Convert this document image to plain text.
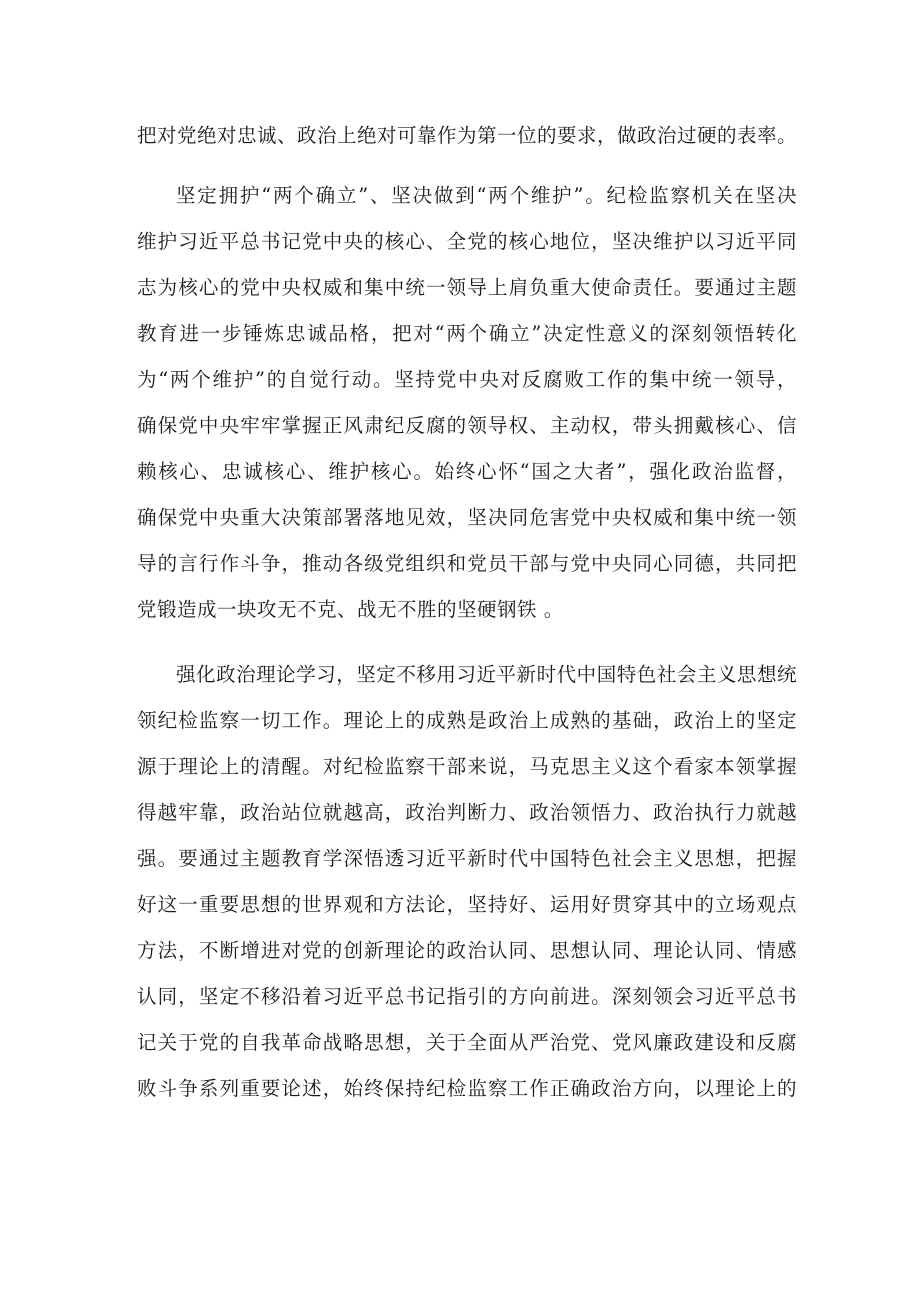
把对党绝对忠诚、政治上绝对可靠作为第一位的要求，做政治过硬的表率。
坚定拥护“两个确立”、坚决做到“两个维护”。纪检监察机关在坚决
维护习近平总书记党中央的核心、全党的核心地位，坚决维护以习近平同
志为核心的党中央权威和集中统一领导上肩负重大使命责任。要通过主题
教育进一步锤炼忠诚品格，把对“两个确立”决定性意义的深刻领悟转化
为“两个维护”的自觉行动。坚持党中央对反腐败工作的集中统一领导，
确保党中央牢牢掌握正风肃纪反腐的领导权、主动权，带头拥戴核心、信
赖核心、忠诚核心、维护核心。始终心怀“国之大者”，强化政治监督，
确保党中央重大决策部署落地见效，坚决同危害党中央权威和集中统一领
导的言行作斗争，推动各级党组织和党员干部与党中央同心同德，共同把
党锻造成一块攻无不克、战无不胜的坚硬钢铁 。
强化政治理论学习，坚定不移用习近平新时代中国特色社会主义思想统
领纪检监察一切工作。理论上的成熟是政治上成熟的基础，政治上的坚定
源于理论上的清醒。对纪检监察干部来说，马克思主义这个看家本领掌握
得越牢靠，政治站位就越高，政治判断力、政治领悟力、政治执行力就越
强。要通过主题教育学深悟透习近平新时代中国特色社会主义思想，把握
好这一重要思想的世界观和方法论，坚持好、运用好贯穿其中的立场观点
方法，不断增进对党的创新理论的政治认同、思想认同、理论认同、情感
认同，坚定不移沿着习近平总书记指引的方向前进。深刻领会习近平总书
记关于党的自我革命战略思想，关于全面从严治党、党风廉政建设和反腐
败斗争系列重要论述，始终保持纪检监察工作正确政治方向，以理论上的
